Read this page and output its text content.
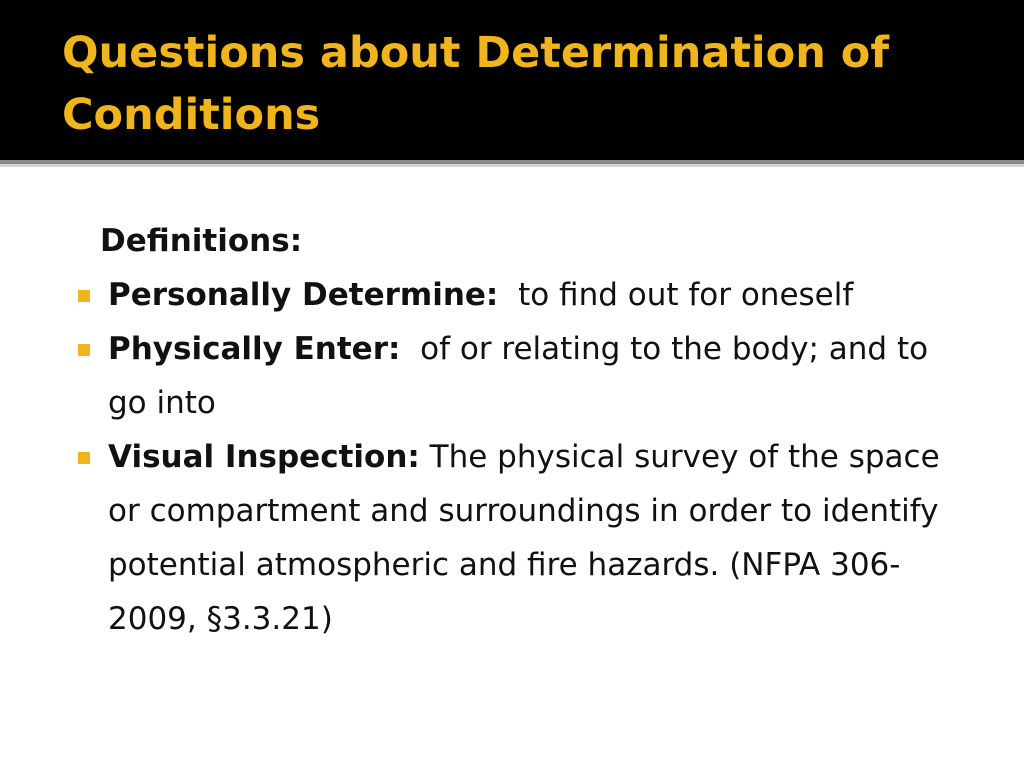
Questions about Determination of Conditions

Definitions:

Personally Determine: to find out for oneself
Physically Enter: of or relating to the body; and to go into
Visual Inspection: The physical survey of the space or compartment and surroundings in order to identify potential atmospheric and fire hazards. (NFPA 306-2009, §3.3.21)
